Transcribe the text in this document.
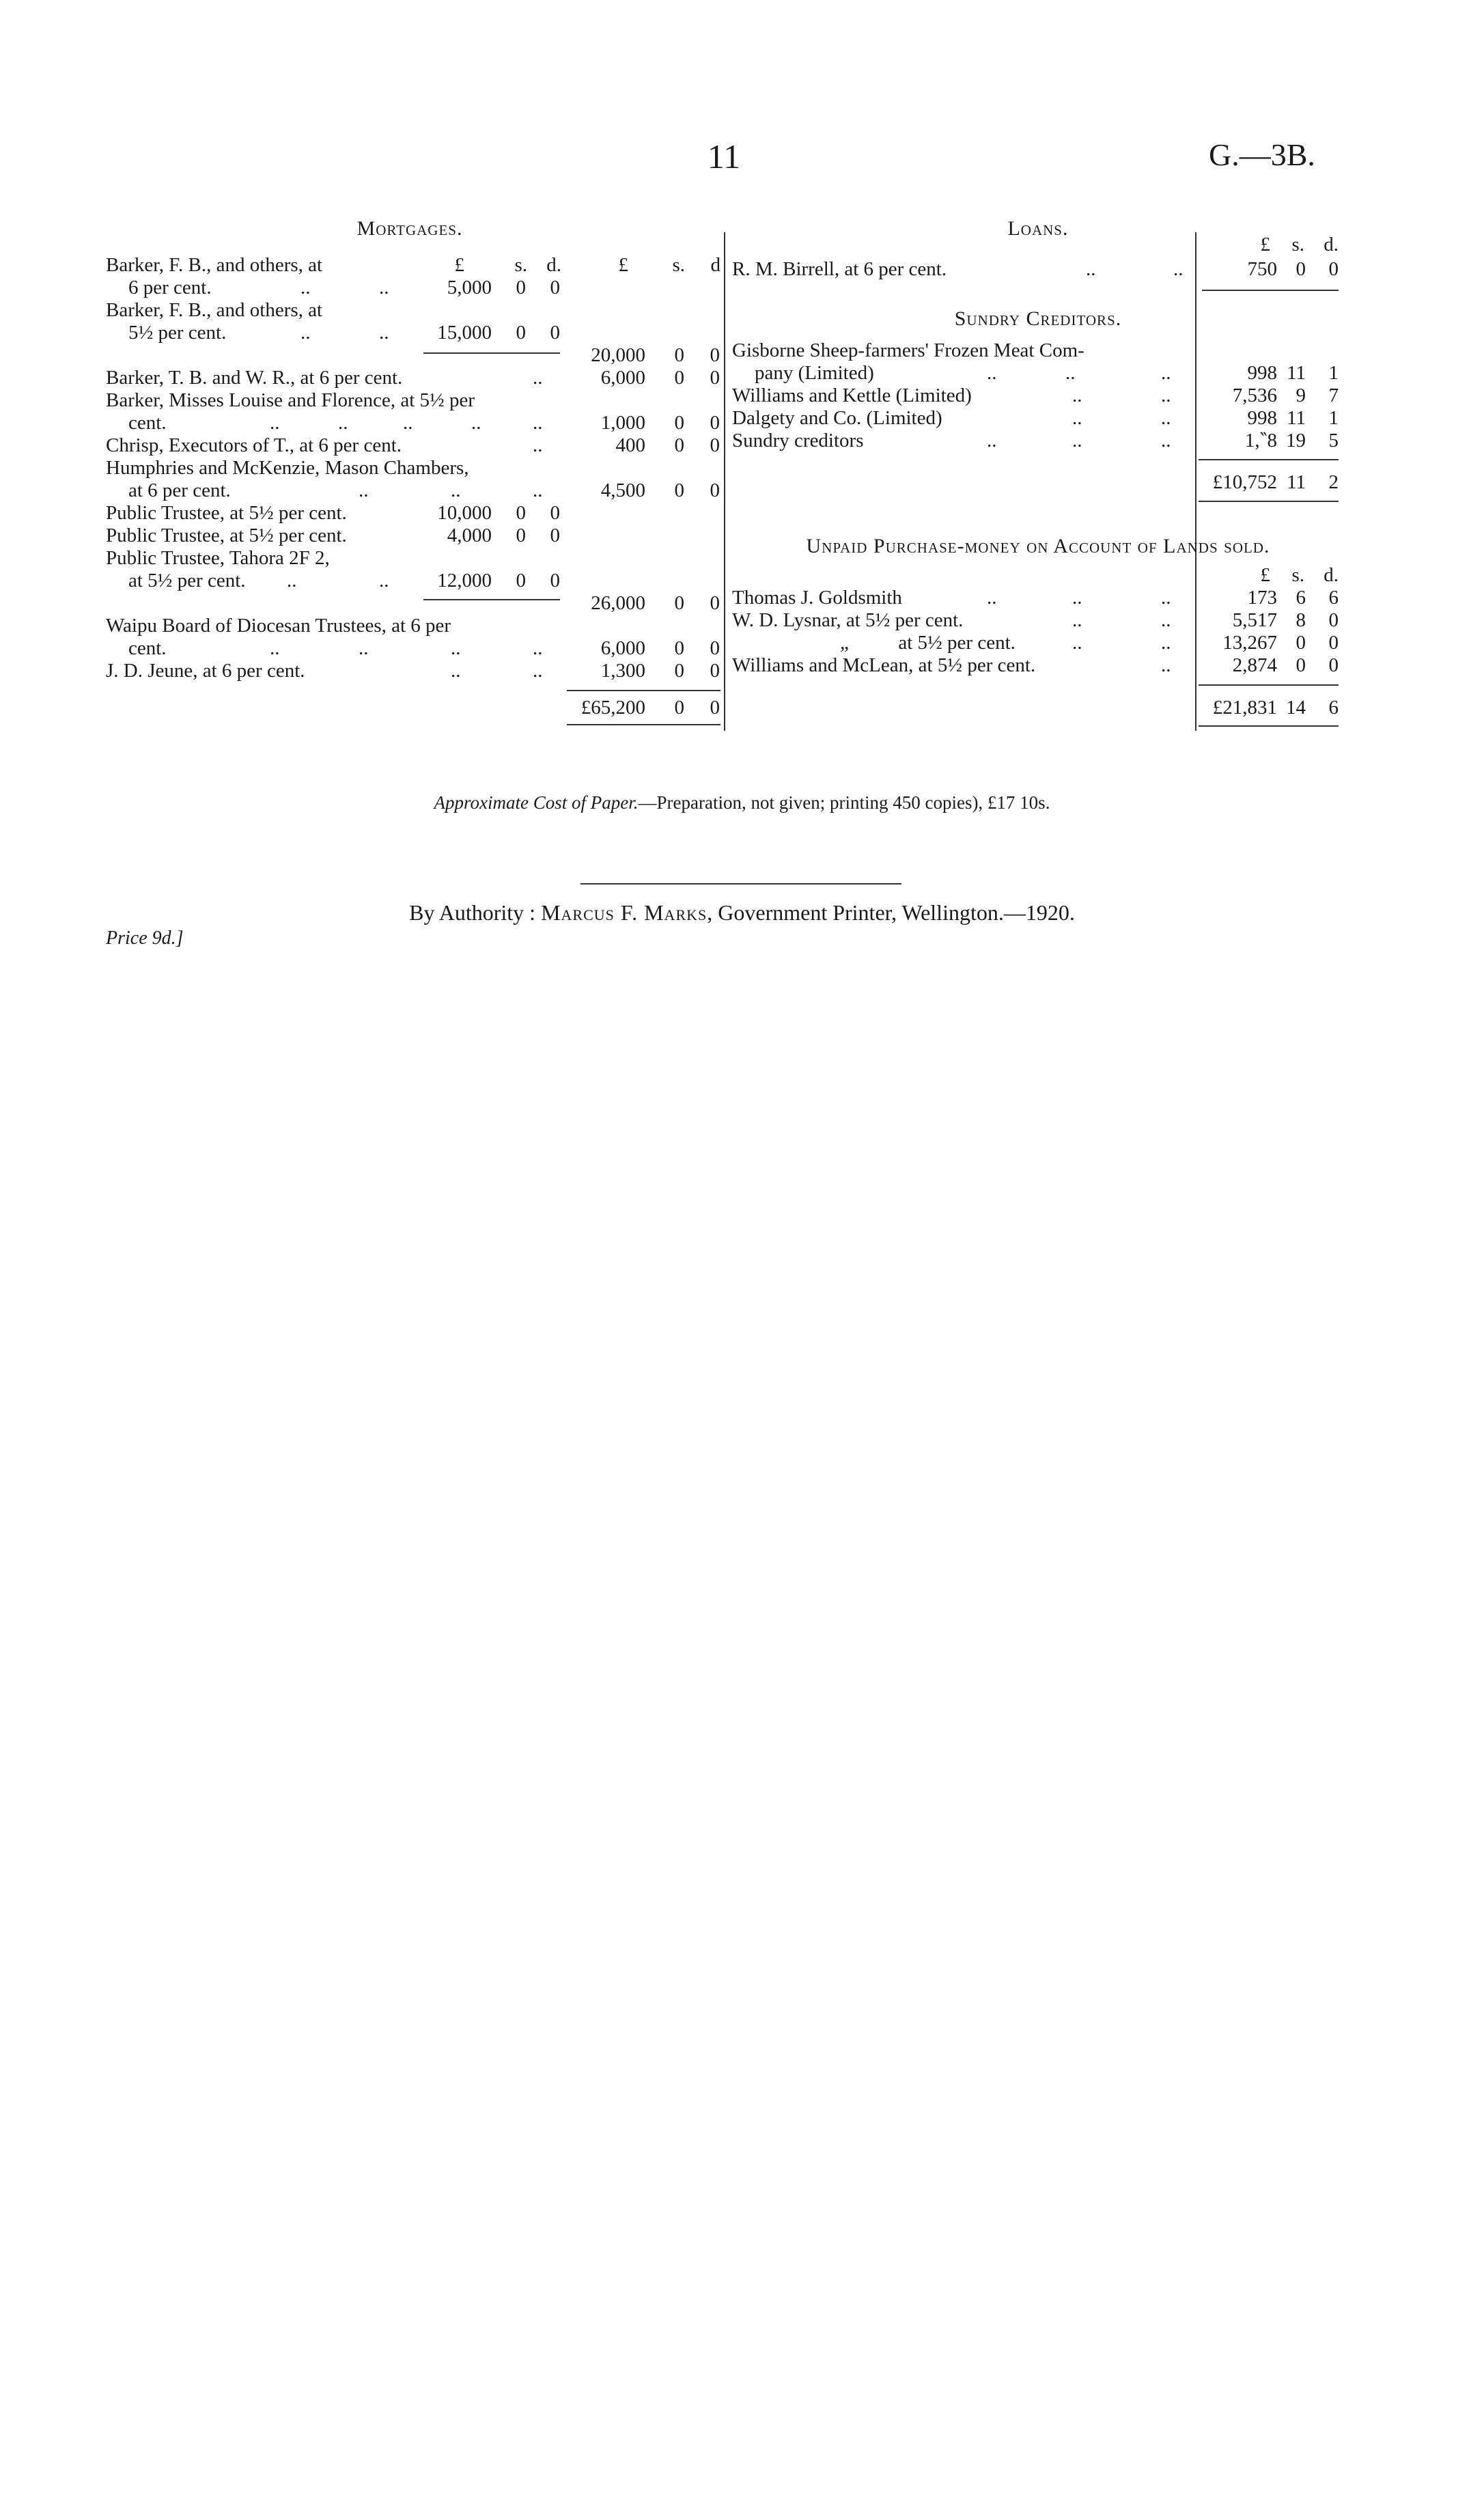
11	G.—3B.
Mortgages.
£	s. d.	£	s.	d
Barker, F. B., and others, at
6 per cent.	..	..	5,000	0	0
Barker, F. B., and others, at
5½ per cent.	..	..	15,000	0	0
20,000	0	0
Barker, T. B. and W. R., at 6 per cent.	..	6,000	0	0
Barker, Misses Louise and Florence, at 5½ per
cent.	..	..	..	..	..	1,000	0	0
Chrisp, Executors of T., at 6 per cent.	..	400	0	0
Humphries and McKenzie, Mason Chambers,
at 6 per cent.	..	..	..	4,500	0	0
Public Trustee, at 5½ per cent.	10,000	0	0
Public Trustee, at 5½ per cent.	4,000	0	0
Public Trustee, Tahora 2F 2,
at 5½ per cent. ..	..	12,000	0	0
26,000	0	0
Waipu Board of Diocesan Trustees, at 6 per
cent.	..	..	..	..	6,000	0	0
J. D. Jeune, at 6 per cent.	..	..	1,300	0	0
£65,200	0	0
Loans.
£	s. d.
R. M. Birrell, at 6 per cent.	..	..	750 0	0
Sundry Creditors.
Gisborne Sheep-farmers' Frozen Meat Com-
pany (Limited)	..	..	..	998 11	1
Williams and Kettle (Limited)	..	..	7,536 9	7
Dalgety and Co. (Limited)	..	..	998 11	1
Sundry creditors	..	..	..	1,‶8 19	5
£10,752 11	2
Unpaid Purchase-money on Account of Lands sold.
£	s. d.
Thomas J. Goldsmith	..	..	..	173 6	6
W. D. Lysnar, at 5½ per cent.	..	..	5,517 8	0
„          at 5½ per cent.	..	..	13,267 0	0
Williams and McLean, at 5½ per cent.	..	2,874 0	0
£21,831 14	6
Approximate Cost of Paper.—Preparation, not given; printing 450 copies), £17 10s.
By Authority : Marcus F. Marks, Government Printer, Wellington.—1920.
Price 9d.]
